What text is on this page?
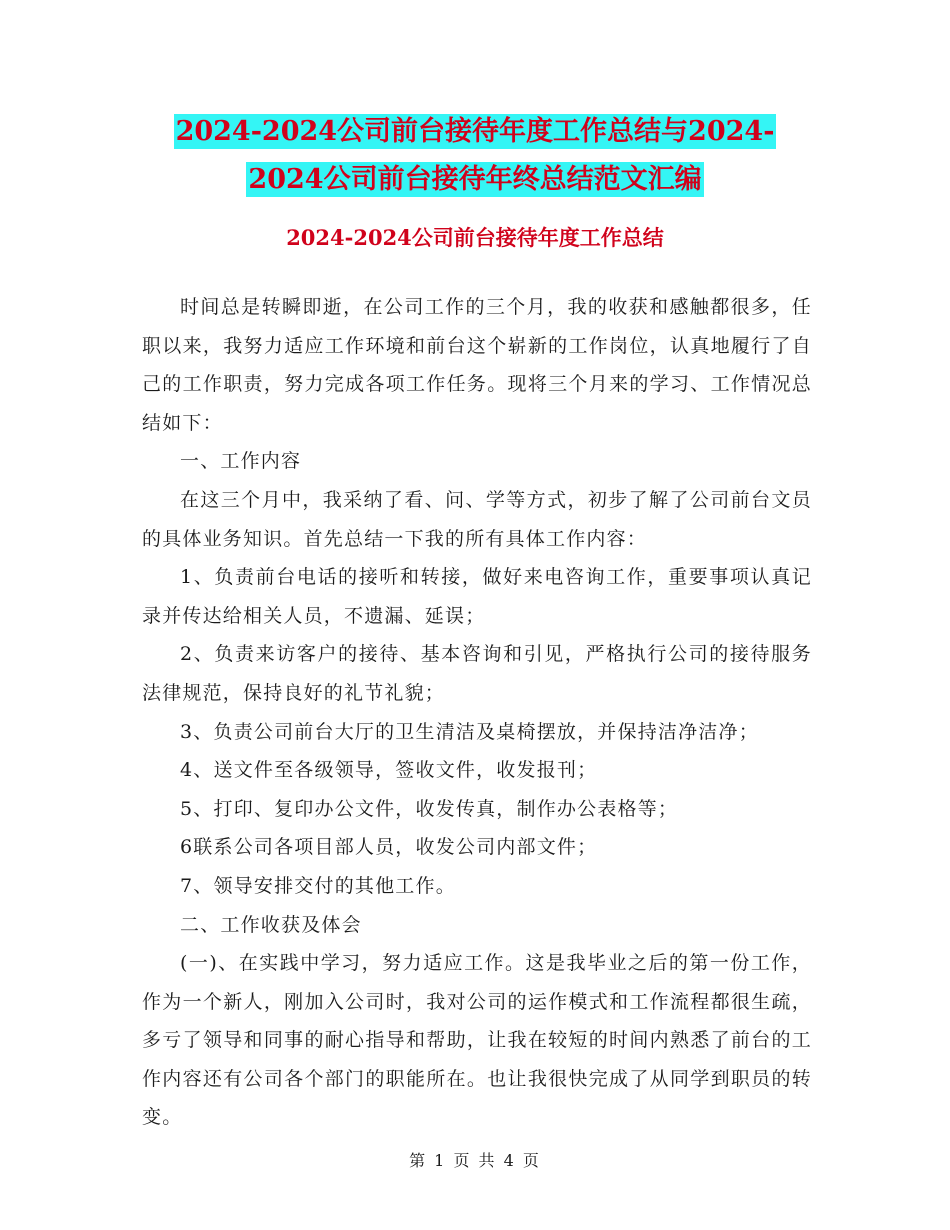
2024-2024公司前台接待年度工作总结与2024-2024公司前台接待年终总结范文汇编
2024-2024公司前台接待年度工作总结

时间总是转瞬即逝，在公司工作的三个月，我的收获和感触都很多，任职以来，我努力适应工作环境和前台这个崭新的工作岗位，认真地履行了自己的工作职责，努力完成各项工作任务。现将三个月来的学习、工作情况总结如下：

一、工作内容

在这三个月中，我采纳了看、问、学等方式，初步了解了公司前台文员的具体业务知识。首先总结一下我的所有具体工作内容：

1、负责前台电话的接听和转接，做好来电咨询工作，重要事项认真记录并传达给相关人员，不遗漏、延误；

2、负责来访客户的接待、基本咨询和引见，严格执行公司的接待服务法律规范，保持良好的礼节礼貌；

3、负责公司前台大厅的卫生清洁及桌椅摆放，并保持洁净洁净；

4、送文件至各级领导，签收文件，收发报刊；

5、打印、复印办公文件，收发传真，制作办公表格等；

6联系公司各项目部人员，收发公司内部文件；

7、领导安排交付的其他工作。

二、工作收获及体会

(一)、在实践中学习，努力适应工作。这是我毕业之后的第一份工作，作为一个新人，刚加入公司时，我对公司的运作模式和工作流程都很生疏，多亏了领导和同事的耐心指导和帮助，让我在较短的时间内熟悉了前台的工作内容还有公司各个部门的职能所在。也让我很快完成了从同学到职员的转变。

第 1 页 共 4 页
